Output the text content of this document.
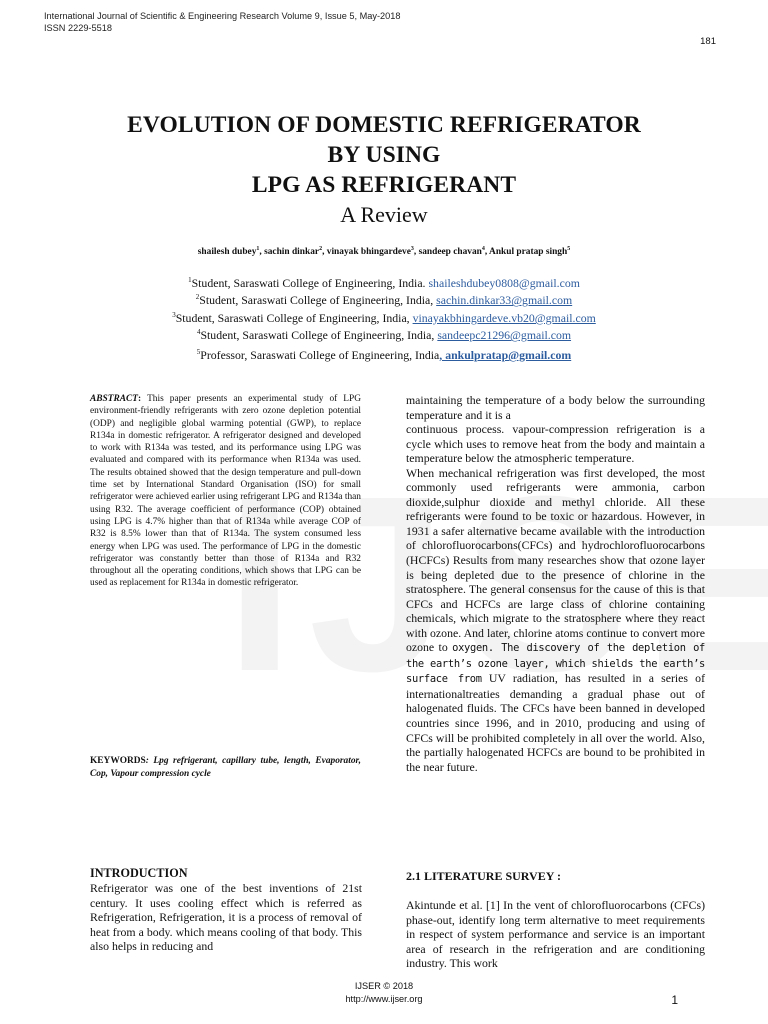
International Journal of Scientific & Engineering Research Volume 9, Issue 5, May-2018
ISSN 2229-5518
181
EVOLUTION OF DOMESTIC REFRIGERATOR
BY USING
LPG AS REFRIGERANT
A Review
shailesh dubey$^1$, sachin dinkar$^2$, vinayak bhingardeve$^3$, sandeep chavan$^4$, Ankul pratap singh$^5$
$^1$Student, Saraswati College of Engineering, India. shaileshdubey0808@gmail.com
$^2$Student, Saraswati College of Engineering, India, sachin.dinkar33@gmail.com
$^3$Student, Saraswati College of Engineering, India, vinayakbhingardeve.vb20@gmail.com
$^4$Student, Saraswati College of Engineering, India, sandeepc21296@gmail.com
$^5$Professor, Saraswati College of Engineering, India, ankulpratap@gmail.com
ABSTRACT: This paper presents an experimental study of LPG environment-friendly refrigerants with zero ozone depletion potential (ODP) and negligible global warming potential (GWP), to replace R134a in domestic refrigerator. A refrigerator designed and developed to work with R134a was tested, and its performance using LPG was evaluated and compared with its performance when R134a was used. The results obtained showed that the design temperature and pull-down time set by International Standard Organisation (ISO) for small refrigerator were achieved earlier using refrigerant LPG and R134a than using R32. The average coefficient of performance (COP) obtained using LPG is 4.7% higher than that of R134a while average COP of R32 is 8.5% lower than that of R134a. The system consumed less energy when LPG was used. The performance of LPG in the domestic refrigerator was constantly better than those of R134a and R32 throughout all the operating conditions, which shows that LPG can be used as replacement for R134a in domestic refrigerator.
KEYWORDS: Lpg refrigerant, capillary tube, length, Evaporator, Cop, Vapour compression cycle
INTRODUCTION
Refrigerator was one of the best inventions of 21st century. It uses cooling effect which is referred as Refrigeration, Refrigeration, it is a process of removal of heat from a body. which means cooling of that body. This also helps in reducing and

maintaining the temperature of a body below the surrounding temperature and it is a

continuous process. vapour-compression refrigeration is a cycle which uses to remove heat from the body and maintain a temperature below the atmospheric temperature.

When mechanical refrigeration was first developed, the most commonly used refrigerants were ammonia, carbon dioxide,sulphur dioxide and methyl chloride. All these refrigerants were found to be toxic or hazardous. However, in 1931 a safer alternative became available with the introduction of chlorofluorocarbons(CFCs) and hydrochlorofluorocarbons (HCFCs) Results from many researches show that ozone layer is being depleted due to the presence of chlorine in the stratosphere. The general consensus for the cause of this is that CFCs and HCFCs are large class of chlorine containing chemicals, which migrate to the stratosphere where they react with ozone. And later, chlorine atoms continue to convert more ozone to oxygen. The discovery of the depletion of the earth’s ozone layer, which shields the earth’s surface from UV radiation, has resulted in a series of internationaltreaties demanding a gradual phase out of halogenated fluids. The CFCs have been banned in developed countries since 1996, and in 2010, producing and using of CFCs will be prohibited completely in all over the world. Also, the partially halogenated HCFCs are bound to be prohibited in the near future.

2.1 LITERATURE SURVEY :
Akintunde et al. [1] In the vent of chlorofluorocarbons (CFCs) phase-out, identify long term alternative to meet requirements in respect of system performance and service is an important area of research in the refrigeration and are conditioning industry. This work
IJSER © 2018
http://www.ijser.org	1
